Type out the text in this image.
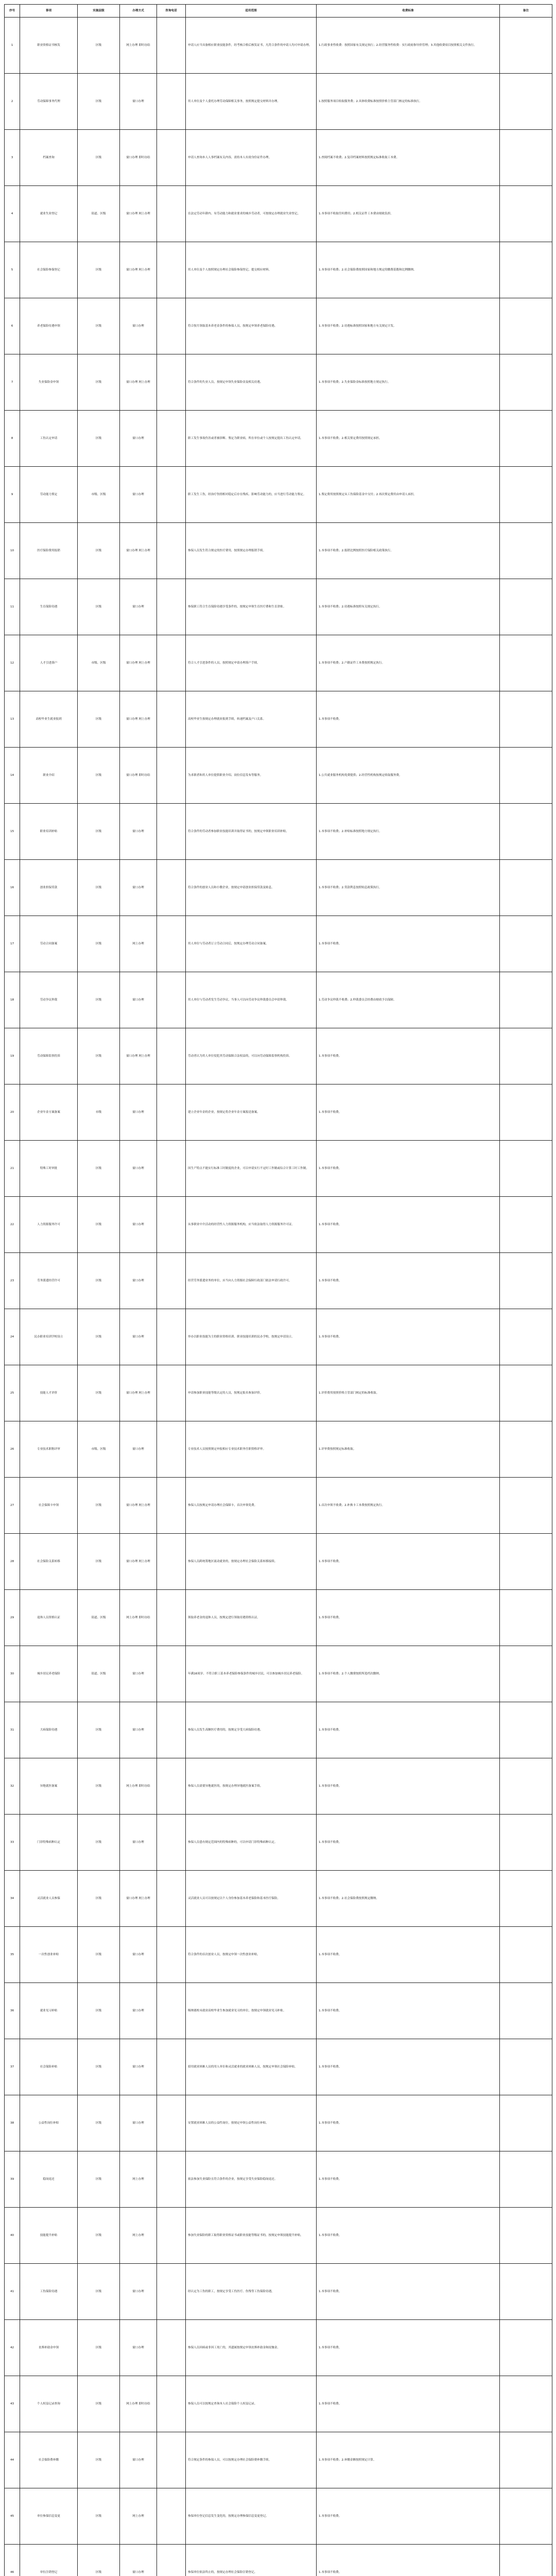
序号	事项	实施层级	办理方式	咨询电话	适用范围	收费标准	备注
1	职业资格证书核发	区级	网上办理 即时办结		申请人应当具备相应职业技能条件，经考核合格后核发证书，凡符合条件的申请人均可申请办理。	1.行政事业性收费：按照国家有关规定执行；2.经营服务性收费：实行政府指导价管理；3.其他收费项目按照相关文件执行。	
2	劳动保障事务代理	区级	窗口办理		用人单位及个人委托办理劳动保障相关事务，按照规定提交材料并办理。	1.按照服务项目收取服务费；2.具体收费标准按照价格主管部门核定的标准执行。	
3	档案查询	区级	窗口办理 即时办结		申请人查询本人人事档案有关内容，需持本人有效身份证件办理。	1.查阅档案不收费；2.复印档案材料按照规定标准收取工本费。	
4	就业失业登记	街道、区级	窗口办理 网上办理		在法定劳动年龄内、有劳动能力和就业要求的城乡劳动者，可按规定办理就业失业登记。	1.本事项不收取任何费用；2.相关证件工本费由财政负担。	
5	社会保险参保登记	区级	窗口办理 网上办理		用人单位及个人按照规定办理社会保险参保登记，提交相应材料。	1.本事项不收费；2.社会保险费按照国家和地方规定的缴费基数和比例缴纳。	
6	养老保险待遇申领	区级	窗口办理		符合按月领取基本养老金条件的参保人员，按规定申领养老保险待遇。	1.本事项不收费；2.待遇标准按照国家和地方有关规定计发。	
7	失业保险金申领	区级	窗口办理 网上办理		符合条件的失业人员，按规定申领失业保险金及相关待遇。	1.本事项不收费；2.失业保险金标准按照地方规定执行。	
8	工伤认定申请	区级	窗口办理		职工发生事故伤害或者被诊断、鉴定为职业病，所在单位或个人按规定提出工伤认定申请。	1.本事项不收费；2.相关鉴定费用按照规定承担。	
9	劳动能力鉴定	市级、区级	窗口办理		职工发生工伤，经治疗伤情相对稳定后存在残疾、影响劳动能力的，应当进行劳动能力鉴定。	1.鉴定费用按照规定从工伤保险基金中支付；2.再次鉴定费用由申请人承担。	
10	医疗保险费用报销	区级	窗口办理 网上办理		参保人员发生符合规定的医疗费用，按照规定办理报销手续。	1.本事项不收费；2.报销比例按照医疗保险相关政策执行。	
11	生育保险待遇	区级	窗口办理		参保职工符合生育保险待遇享受条件的，按规定申领生育医疗费和生育津贴。	1.本事项不收费；2.待遇标准按照有关规定执行。	
12	人才引进落户	市级、区级	窗口办理 网上办理		符合人才引进条件的人员，按照规定申请办理落户手续。	1.本事项不收费；2.户籍证件工本费按照规定执行。	
13	高校毕业生就业报到	区级	窗口办理 网上办理		高校毕业生按规定办理就业报到手续，转递档案及户口关系。	1.本事项不收费。	
14	职业介绍	区级	窗口办理 即时办结		为求职者和用人单位提供职业介绍、岗位信息发布等服务。	1.公共就业服务机构免费提供；2.经营性机构按规定收取服务费。	
15	职业培训补贴	区级	窗口办理		符合条件的劳动者参加职业技能培训并取得证书的，按规定申领职业培训补贴。	1.本事项不收费；2.补贴标准按照地方规定执行。	
16	创业担保贷款	区级	窗口办理		符合条件的创业人员和小微企业，按规定申请创业担保贷款及贴息。	1.本事项不收费；2.贷款利息按照贴息政策执行。	
17	劳动合同备案	区级	网上办理		用人单位与劳动者订立劳动合同后，按规定办理劳动合同备案。	1.本事项不收费。	
18	劳动争议仲裁	区级	窗口办理		用人单位与劳动者发生劳动争议，当事人可以向劳动争议仲裁委员会申请仲裁。	1.劳动争议仲裁不收费；2.仲裁委员会经费由财政予以保障。	
19	劳动保障监察投诉	区级	窗口办理 网上办理		劳动者认为用人单位侵犯其劳动保障合法权益的，可以向劳动保障监察机构投诉。	1.本事项不收费。	
20	企业年金方案备案	市级	窗口办理		建立企业年金的企业，按规定将企业年金方案报送备案。	1.本事项不收费。	
21	特殊工时审批	区级	窗口办理		因生产特点不能实行标准工时制度的企业，可以申请实行不定时工作制或综合计算工时工作制。	1.本事项不收费。	
22	人力资源服务许可	区级	窗口办理		从事职业中介活动的经营性人力资源服务机构，应当依法取得人力资源服务许可证。	1.本事项不收费。	
23	劳务派遣经营许可	区级	窗口办理		经营劳务派遣业务的单位，应当向人力资源社会保障行政部门依法申请行政许可。	1.本事项不收费。	
24	民办职业培训学校设立	区级	窗口办理		举办以职业技能为主的职业资格培训、职业技能培训的民办学校，按规定申请设立。	1.本事项不收费。	
25	技能人才评价	区级	窗口办理 网上办理		申请参加职业技能等级认定的人员，按规定报名参加评价。	1.评价费用按照价格主管部门核定的标准收取。	
26	专业技术职称评审	市级、区级	窗口办理		专业技术人员按照规定申报相应专业技术职务任职资格评审。	1.评审费按照规定标准收取。	
27	社会保障卡申领	区级	窗口办理 网上办理		参保人员按规定申请办理社会保障卡，首次申领免费。	1.首次申领不收费；2.补换卡工本费按照规定执行。	
28	社会保险关系转移	区级	窗口办理 网上办理		参保人员跨统筹地区流动就业的，按规定办理社会保险关系转移接续。	1.本事项不收费。	
29	退休人员资格认证	街道、区级	网上办理 即时办结		领取养老金的退休人员，按规定进行领取待遇资格认证。	1.本事项不收费。	
30	城乡居民养老保险	街道、区级	窗口办理		年满16周岁、不符合职工基本养老保险参保条件的城乡居民，可以参加城乡居民养老保险。	1.本事项不收费；2.个人缴费按照所选档次缴纳。	
31	大病保险待遇	区级	窗口办理		参保人员发生高额医疗费用的，按规定享受大病保险待遇。	1.本事项不收费。	
32	异地就医备案	区级	网上办理 即时办结		参保人员需要异地就医的，按规定办理异地就医备案手续。	1.本事项不收费。	
33	门诊特殊病种认定	区级	窗口办理		参保人员患有规定范围内的特殊病种的，可以申请门诊特殊病种认定。	1.本事项不收费。	
34	灵活就业人员参保	区级	窗口办理 网上办理		灵活就业人员可以按规定以个人身份参加基本养老保险和基本医疗保险。	1.本事项不收费；2.社会保险费按照规定缴纳。	
35	一次性创业补贴	区级	窗口办理		符合条件的首次创业人员，按规定申领一次性创业补贴。	1.本事项不收费。	
36	就业见习补贴	区级	窗口办理		吸纳离校未就业高校毕业生参加就业见习的单位，按规定申领就业见习补贴。	1.本事项不收费。	
37	社会保险补贴	区级	窗口办理		招用就业困难人员的用人单位和灵活就业的就业困难人员，按规定申领社会保险补贴。	1.本事项不收费。	
38	公益性岗位补贴	区级	窗口办理		安置就业困难人员的公益性岗位，按规定申领公益性岗位补贴。	1.本事项不收费。	
39	稳岗返还	区级	网上办理		依法参加失业保险且符合条件的企业，按规定享受失业保险稳岗返还。	1.本事项不收费。	
40	技能提升补贴	区级	网上办理		参加失业保险的职工取得职业资格证书或职业技能等级证书的，按规定申领技能提升补贴。	1.本事项不收费。	
41	工伤保险待遇	区级	窗口办理		经认定为工伤的职工，按规定享受工伤医疗、伤残等工伤保险待遇。	1.本事项不收费。	
42	丧葬补助金申领	区级	窗口办理		参保人员因病或非因工死亡的，其遗属按规定申领丧葬补助金和抚恤金。	1.本事项不收费。	
43	个人权益记录查询	区级	网上办理 即时办结		参保人员可以按规定查询本人社会保险个人权益记录。	1.本事项不收费。	
44	社会保险费补缴	区级	窗口办理		符合规定条件的参保人员，可以按规定办理社会保险费补缴手续。	1.本事项不收费；2.补缴金额按照规定计算。	
45	单位参保信息变更	区级	网上办理		参保单位登记信息发生变化的，按规定办理参保信息变更登记。	1.本事项不收费。	
46	单位注销登记	区级	窗口办理		参保单位依法终止的，按规定办理社会保险注销登记。	1.本事项不收费。	
